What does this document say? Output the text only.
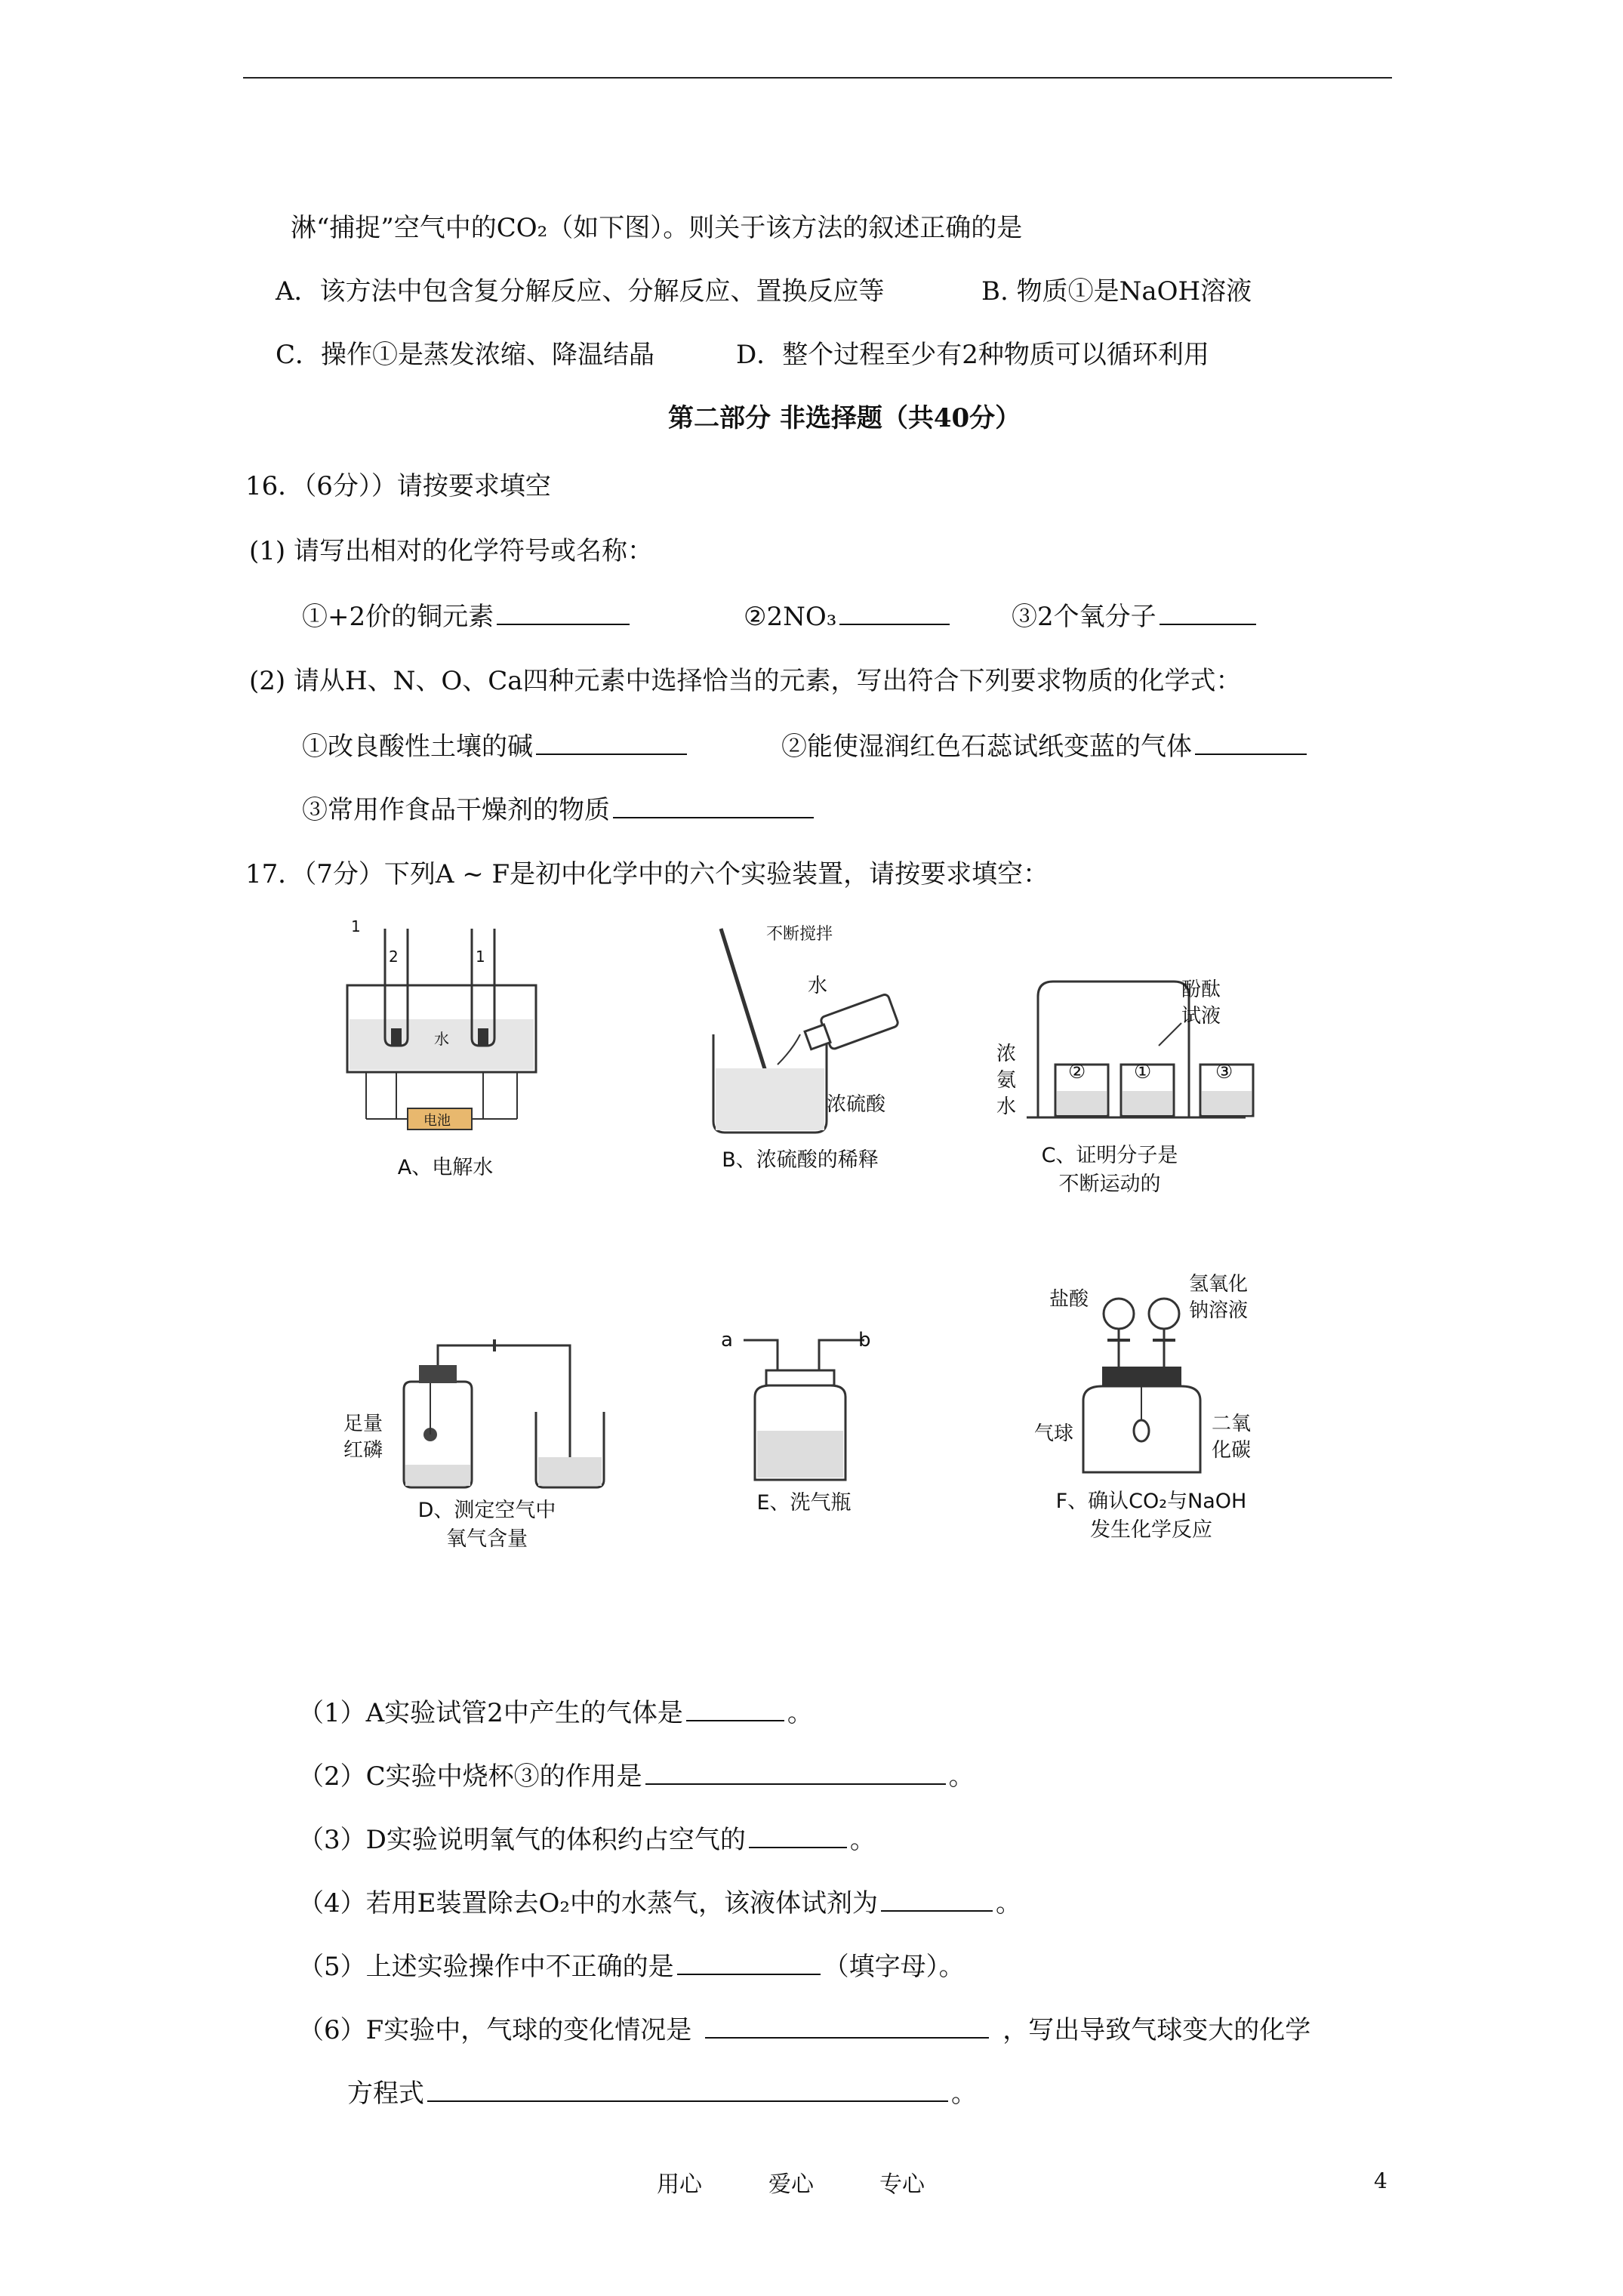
淋“捕捉”空气中的CO₂（如下图）。则关于该方法的叙述正确的是
A．该方法中包含复分解反应、分解反应、置换反应等	B. 物质①是NaOH溶液
C．操作①是蒸发浓缩、降温结晶	D．整个过程至少有2种物质可以循环利用
第二部分 非选择题（共40分）
16．（6分））请按要求填空
(1) 请写出相对的化学符号或名称：
①+2价的铜元素	②2NO₃	③2个氧分子
(2) 请从H、N、O、Ca四种元素中选择恰当的元素，写出符合下列要求物质的化学式：
①改良酸性土壤的碱	②能使湿润红色石蕊试纸变蓝的气体
③常用作食品干燥剂的物质
17．（7分）下列A ~ F是初中化学中的六个实验装置，请按要求填空：
1
2	1
水
电池
A、电解水
不断搅拌
水
浓硫酸
B、浓硫酸的稀释
② ①	③
酚酞
试液
浓
氨
水
C、证明分子是
不断运动的
足量
红磷
D、测定空气中
氧气含量
a	b
E、洗气瓶
盐酸
氢氧化
钠溶液
气球	二氧
化碳
F、确认CO₂与NaOH
发生化学反应
（1）A实验试管2中产生的气体是	。
（2）C实验中烧杯③的作用是	。
（3）D实验说明氧气的体积约占空气的	。
（4）若用E装置除去O₂中的水蒸气，该液体试剂为	。
（5）上述实验操作中不正确的是	（填字母）。
（6）F实验中，气球的变化情况是	，写出导致气球变大的化学
方程式	。
用心	爱心	专心	4
